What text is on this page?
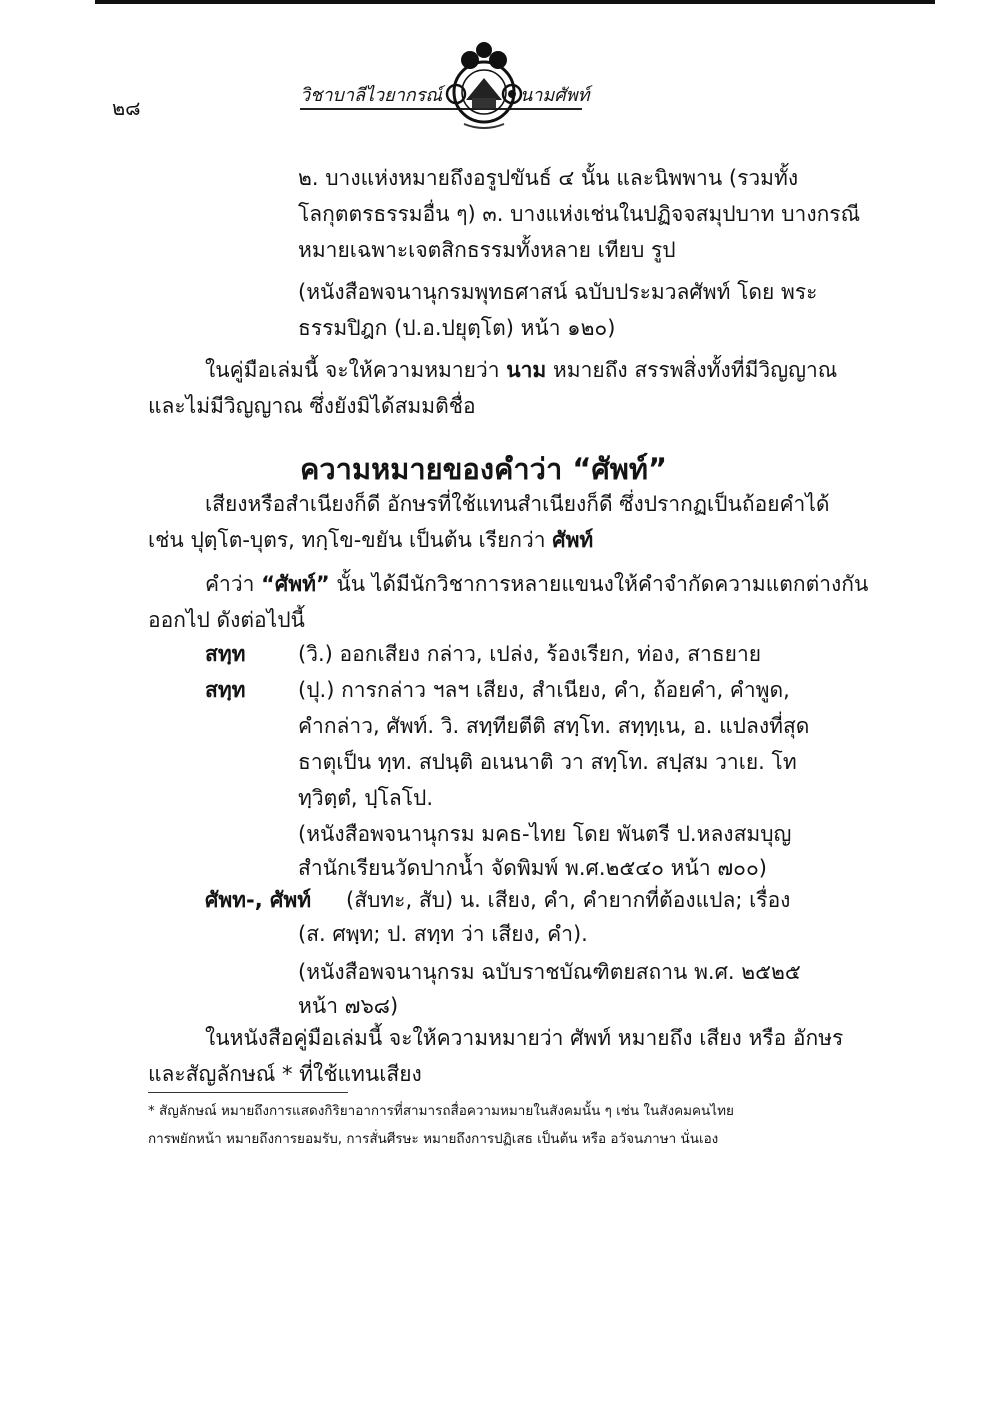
๒๘
วิชาบาลีไวยากรณ์	นามศัพท์
๒. บางแห่งหมายถึงอรูปขันธ์ ๔ นั้น และนิพพาน (รวมทั้ง
โลกุตตรธรรมอื่น ๆ) ๓. บางแห่งเช่นในปฏิจจสมุปบาท บางกรณี
หมายเฉพาะเจตสิกธรรมทั้งหลาย เทียบ รูป
(หนังสือพจนานุกรมพุทธศาสน์ ฉบับประมวลศัพท์ โดย พระ
ธรรมปิฎก (ป.อ.ปยุตฺโต) หน้า ๑๒๐)
ในคู่มือเล่มนี้ จะให้ความหมายว่า นาม หมายถึง สรรพสิ่งทั้งที่มีวิญญาณ
และไม่มีวิญญาณ ซึ่งยังมิได้สมมติชื่อ
ความหมายของคำว่า “ศัพท์”
เสียงหรือสำเนียงก็ดี อักษรที่ใช้แทนสำเนียงก็ดี ซึ่งปรากฏเป็นถ้อยคำได้
เช่น ปุตฺโต-บุตร, ทกฺโข-ขยัน เป็นต้น เรียกว่า ศัพท์
คำว่า “ศัพท์” นั้น ได้มีนักวิชาการหลายแขนงให้คำจำกัดความแตกต่างกัน
ออกไป ดังต่อไปนี้
สทฺท (วิ.) ออกเสียง กล่าว, เปล่ง, ร้องเรียก, ท่อง, สาธยาย
สทฺท (ปุ.) การกล่าว ฯลฯ เสียง, สำเนียง, คำ, ถ้อยคำ, คำพูด,
คำกล่าว, ศัพท์. วิ. สทฺทียตีติ สทฺโท. สทฺทฺเน, อ. แปลงที่สุด
ธาตุเป็น ทฺท. สปนฺติ อเนนาติ วา สทฺโท. สปฺสม วาเย. โท
ทฺวิตฺตํ, ปฺโลโป.
(หนังสือพจนานุกรม มคธ-ไทย โดย พันตรี ป.หลงสมบุญ
สำนักเรียนวัดปากน้ำ จัดพิมพ์ พ.ศ.๒๕๔๐ หน้า ๗๐๐)
ศัพท-, ศัพท์ (สับทะ, สับ) น. เสียง, คำ, คำยากที่ต้องแปล; เรื่อง
(ส. ศพฺท; ป. สทฺท ว่า เสียง, คำ).
(หนังสือพจนานุกรม ฉบับราชบัณฑิตยสถาน พ.ศ. ๒๕๒๕
หน้า ๗๖๘)
ในหนังสือคู่มือเล่มนี้ จะให้ความหมายว่า ศัพท์ หมายถึง เสียง หรือ อักษร
และสัญลักษณ์ * ที่ใช้แทนเสียง
* สัญลักษณ์ หมายถึงการแสดงกิริยาอาการที่สามารถสื่อความหมายในสังคมนั้น ๆ เช่น ในสังคมคนไทย
การพยักหน้า หมายถึงการยอมรับ, การสั่นศีรษะ หมายถึงการปฏิเสธ เป็นต้น หรือ อวัจนภาษา นั่นเอง
